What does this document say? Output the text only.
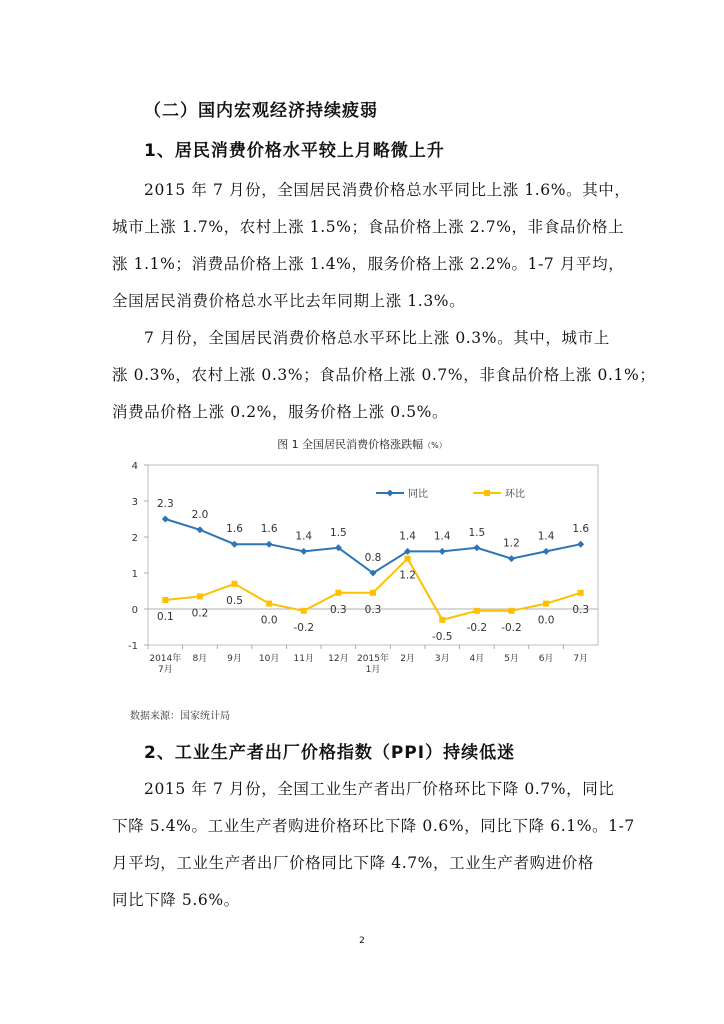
（二）国内宏观经济持续疲弱
1、居民消费价格水平较上月略微上升
2015 年 7 月份，全国居民消费价格总水平同比上涨 1.6%。其中，
城市上涨 1.7%，农村上涨 1.5%；食品价格上涨 2.7%，非食品价格上
涨 1.1%；消费品价格上涨 1.4%，服务价格上涨 2.2%。1-7 月平均，
全国居民消费价格总水平比去年同期上涨 1.3%。
7 月份，全国居民消费价格总水平环比上涨 0.3%。其中，城市上
涨 0.3%，农村上涨 0.3%；食品价格上涨 0.7%，非食品价格上涨 0.1%；
消费品价格上涨 0.2%，服务价格上涨 0.5%。
图 1 全国居民消费价格涨跌幅（%）
-1
0
1
2
3
4
2014年 7月
8月 9月 10月 11月 12月 2015年 1月
2月 3月 4月 5月 6月 7月
2.3
2.0
1.6 1.6
1.4 1.5
0.8
1.4 1.4 1.5
1.2
1.4
1.6
0.1 0.2
0.5
0.0
-0.2
0.3 0.3
1.2
-0.5
-0.2 -0.2
0.0
0.3
同比	环比
数据来源：国家统计局
2、工业生产者出厂价格指数（PPI）持续低迷
2015 年 7 月份，全国工业生产者出厂价格环比下降 0.7%，同比
下降 5.4%。工业生产者购进价格环比下降 0.6%，同比下降 6.1%。1-7
月平均，工业生产者出厂价格同比下降 4.7%，工业生产者购进价格
同比下降 5.6%。
2
